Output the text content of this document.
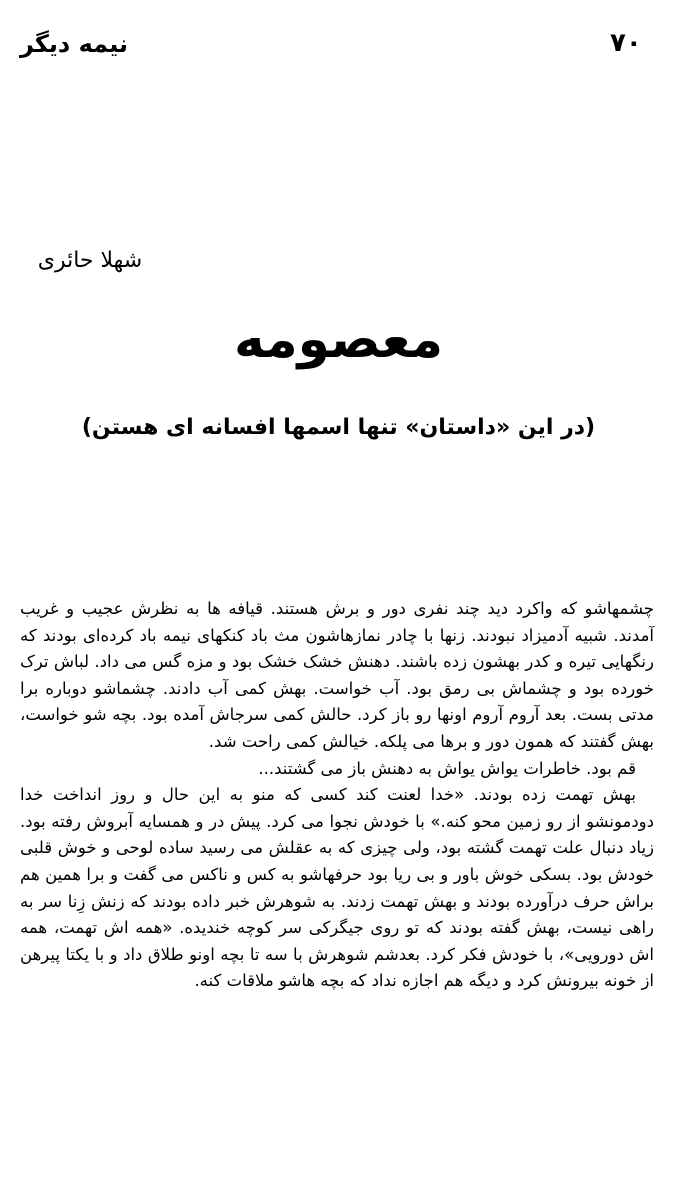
۷۰
نیمه دیگر
شهلا حائری
معصومه
(در این «داستان» تنها اسمها افسانه ای هستن)

چشمهاشو که واکرد دید چند نفری دور و برش هستند. قیافه ها به نظرش عجیب و غریب آمدند. شبیه آدمیزاد نبودند. زنها با چادر نمازهاشون مث باد کنکهای نیمه باد کرده‌ای بودند که رنگهایی تیره و کدر بهشون زده باشند. دهنش خشک خشک بود و مزه گس می داد. لباش ترک خورده بود و چشماش بی رمق بود. آب خواست. بهش کمی آب دادند. چشماشو دوباره برا مدتی بست. بعد آروم آروم اونها رو باز کرد. حالش کمی سرجاش آمده بود. بچه شو خواست، بهش گفتند که همون دور و برها می پلکه. خیالش کمی راحت شد.

قم بود. خاطرات یواش یواش به دهنش باز می گشتند...

بهش تهمت زده بودند. «خدا لعنت کند کسی که منو به این حال و روز انداخت خدا دودمونشو از رو زمین محو کنه.» با خودش نجوا می کرد. پیش در و همسایه آبروش رفته بود. زیاد دنبال علت تهمت گشته بود، ولی چیزی که به عقلش می رسید ساده لوحی و خوش قلبی خودش بود. بسکی خوش باور و بی ریا بود حرفهاشو به کس و ناکس می گفت و برا همین هم براش حرف درآورده بودند و بهش تهمت زدند. به شوهرش خبر داده بودند که زنش زِنا سر به راهی نیست، بهش گفته بودند که تو روی جیگرکی سر کوچه خندیده. «همه اش تهمت، همه اش دورویی»، با خودش فکر کرد. بعدشم شوهرش با سه تا بچه اونو طلاق داد و با یکتا پیرهن از خونه بیرونش کرد و دیگه هم اجازه نداد که بچه هاشو ملاقات کنه.
